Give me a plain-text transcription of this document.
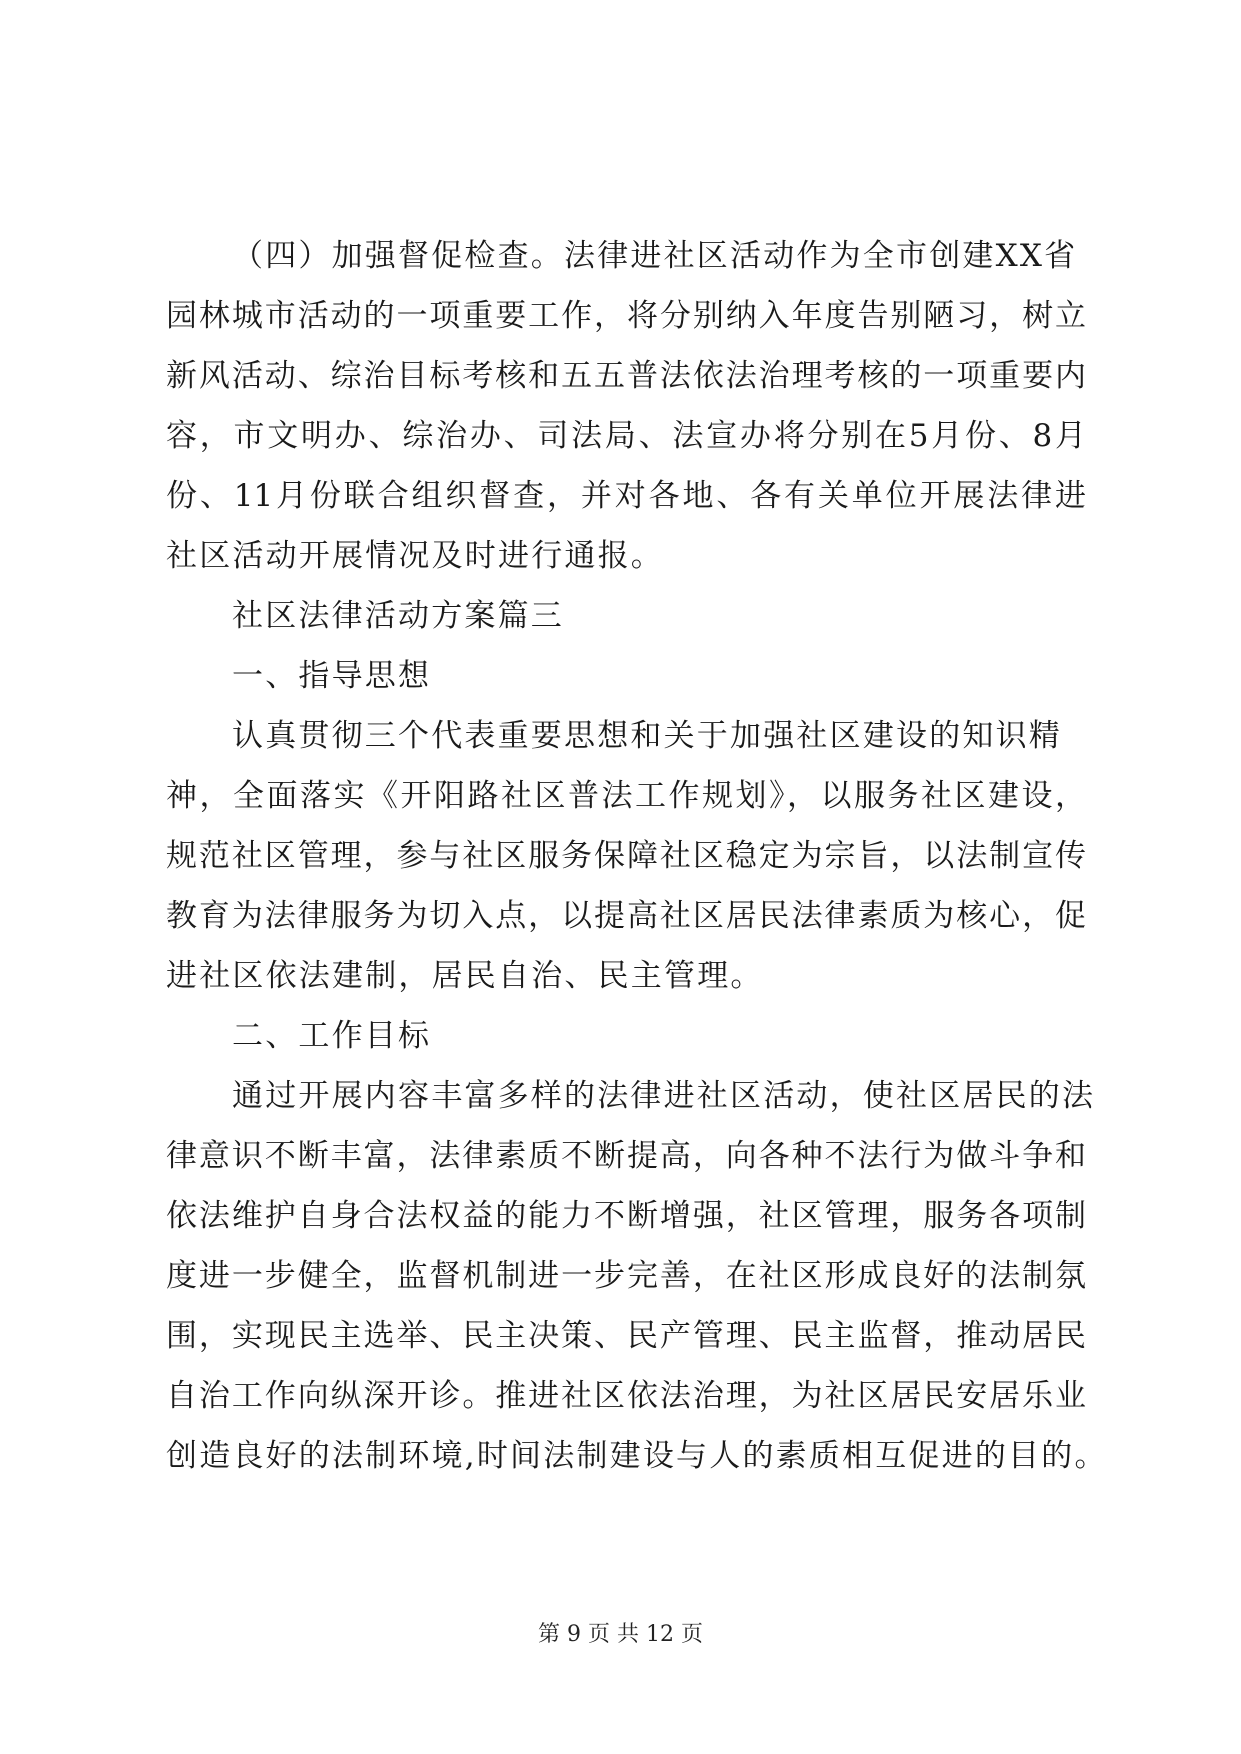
（四）加强督促检查。法律进社区活动作为全市创建XX省
园林城市活动的一项重要工作，将分别纳入年度告别陋习，树立
新风活动、综治目标考核和五五普法依法治理考核的一项重要内
容，市文明办、综治办、司法局、法宣办将分别在5月份、8月
份、11月份联合组织督查，并对各地、各有关单位开展法律进
社区活动开展情况及时进行通报。
社区法律活动方案篇三
一、指导思想
认真贯彻三个代表重要思想和关于加强社区建设的知识精
神，全面落实《开阳路社区普法工作规划》，以服务社区建设，
规范社区管理，参与社区服务保障社区稳定为宗旨，以法制宣传
教育为法律服务为切入点，以提高社区居民法律素质为核心，促
进社区依法建制，居民自治、民主管理。
二、工作目标
通过开展内容丰富多样的法律进社区活动，使社区居民的法
律意识不断丰富，法律素质不断提高，向各种不法行为做斗争和
依法维护自身合法权益的能力不断增强，社区管理，服务各项制
度进一步健全，监督机制进一步完善，在社区形成良好的法制氛
围，实现民主选举、民主决策、民产管理、民主监督，推动居民
自治工作向纵深开诊。推进社区依法治理，为社区居民安居乐业
创造良好的法制环境,时间法制建设与人的素质相互促进的目的。
第 9 页 共 12 页
